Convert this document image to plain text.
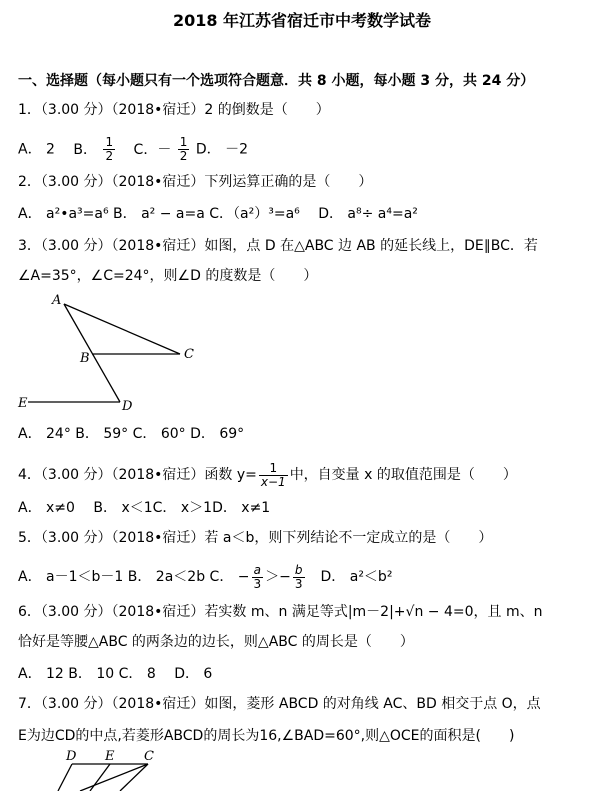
2018 年江苏省宿迁市中考数学试卷
一、选择题（每小题只有一个选项符合题意．共 8 小题，每小题 3 分，共 24 分）
1．（3.00 分）（2018•宿迁）2 的倒数是（　　）
A． 2 B． $\frac{1}{2}$ C．－ $\frac{1}{2}$ D． －2
2．（3.00 分）（2018•宿迁）下列运算正确的是（　　）
A． a²•a³=a⁶ B． a² − a=a C．（a²）³=a⁶　 D． a⁸÷ a⁴=a²
3．（3.00 分）（2018•宿迁）如图，点 D 在△ABC 边 AB 的延长线上，DE∥BC．若
∠A=35°，∠C=24°，则∠D 的度数是（　　）
A
B	C
E	D
A． 24° B． 59° C． 60° D． 69°
4．（3.00 分）（2018•宿迁）函数 $y= \frac{1}{x-1}$ 中，自变量 x 的取值范围是（　　）
A． x≠0　 B． x＜1C． x＞1D． x≠1
5．（3.00 分）（2018•宿迁）若 a＜b，则下列结论不一定成立的是（　　）
A． a－1＜b－1 B． 2a＜2b C． − $\frac{a}{3} >- \frac{b}{3}$ 　D． a²＜b²
6．（3.00 分）（2018•宿迁）若实数 m、n 满足等式|m－2|+√n − 4=0，且 m、n
恰好是等腰△ABC 的两条边的边长，则△ABC 的周长是（　　）
A． 12 B． 10 C． 8　 D． 6
7．（3.00 分）（2018•宿迁）如图，菱形 ABCD 的对角线 AC、BD 相交于点 O，点
E为边CD的中点,若菱形ABCD的周长为16,∠BAD=60°,则△OCE的面积是(　　)
D E C
